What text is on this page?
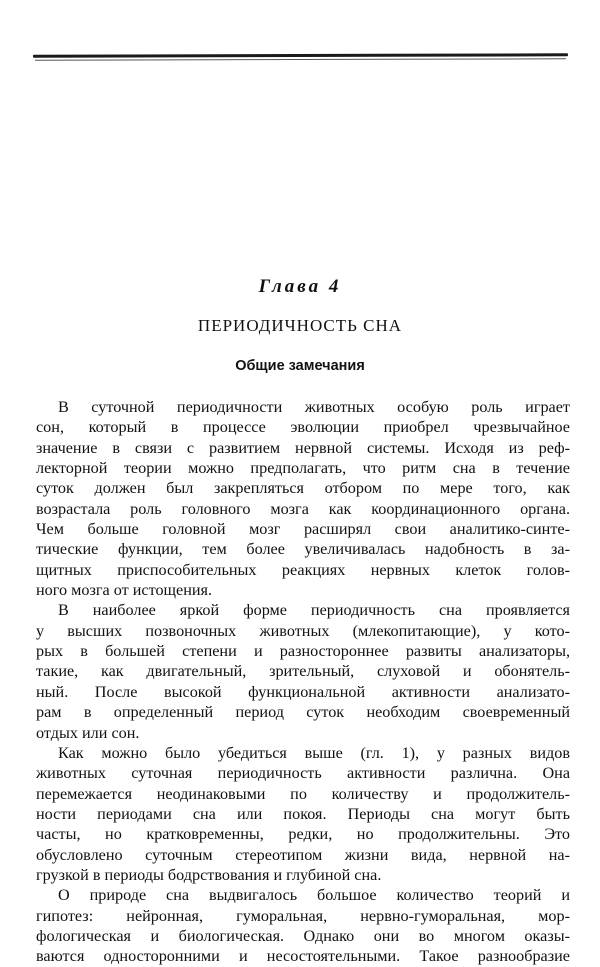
Глава 4
ПЕРИОДИЧНОСТЬ СНА
Общие замечания
В суточной периодичности животных особую роль играет
сон, который в процессе эволюции приобрел чрезвычайное
значение в связи с развитием нервной системы. Исходя из реф-
лекторной теории можно предполагать, что ритм сна в течение
суток должен был закрепляться отбором по мере того, как
возрастала роль головного мозга как координационного органа.
Чем больше головной мозг расширял свои аналитико-синте-
тические функции, тем более увеличивалась надобность в за-
щитных приспособительных реакциях нервных клеток голов-
ного мозга от истощения.
В наиболее яркой форме периодичность сна проявляется
у высших позвоночных животных (млекопитающие), у кото-
рых в большей степени и разностороннее развиты анализаторы,
такие, как двигательный, зрительный, слуховой и обонятель-
ный. После высокой функциональной активности анализато-
рам в определенный период суток необходим своевременный
отдых или сон.
Как можно было убедиться выше (гл. 1), у разных видов
животных суточная периодичность активности различна. Она
перемежается неодинаковыми по количеству и продолжитель-
ности периодами сна или покоя. Периоды сна могут быть
часты, но кратковременны, редки, но продолжительны. Это
обусловлено суточным стереотипом жизни вида, нервной на-
грузкой в периоды бодрствования и глубиной сна.
О природе сна выдвигалось большое количество теорий и
гипотез: нейронная, гуморальная, нервно-гуморальная, мор-
фологическая и биологическая. Однако они во многом оказы-
ваются односторонними и несостоятельными. Такое разнообразие
